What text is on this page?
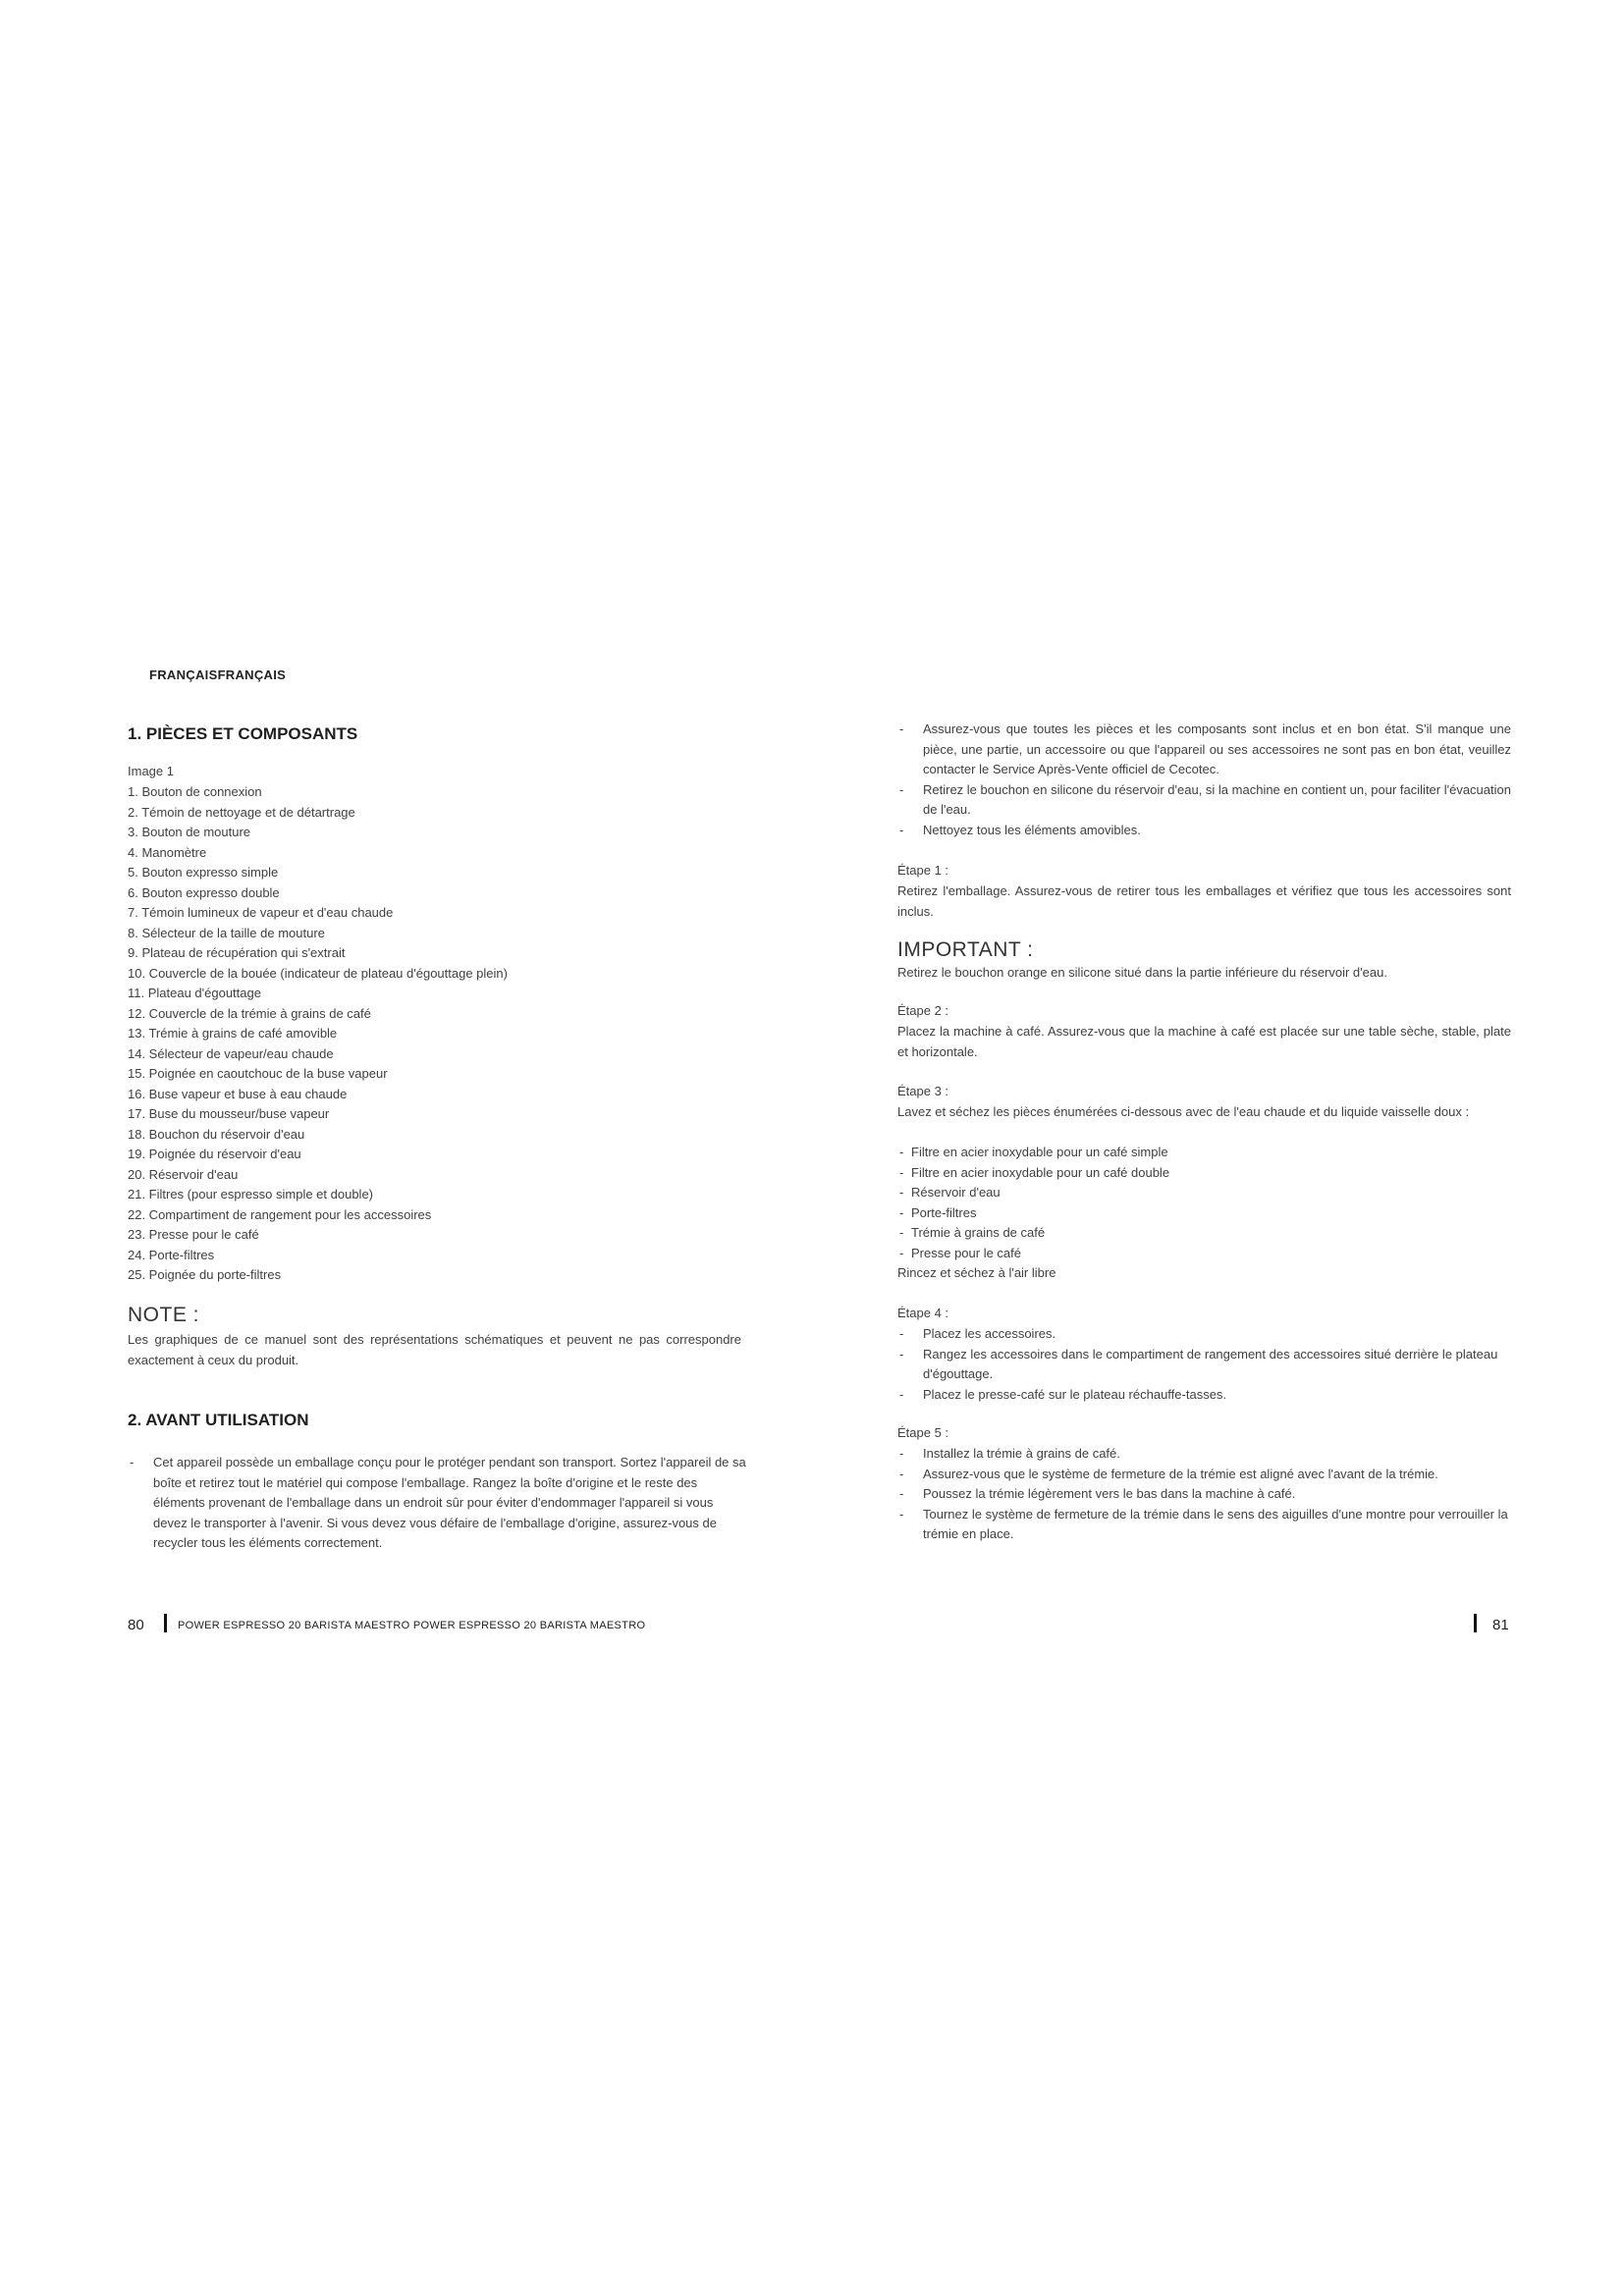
FRANÇAISFRANÇAIS
1. PIÈCES ET COMPOSANTS
Image 1
1. Bouton de connexion
2. Témoin de nettoyage et de détartrage
3. Bouton de mouture
4. Manomètre
5. Bouton expresso simple
6. Bouton expresso double
7. Témoin lumineux de vapeur et d'eau chaude
8. Sélecteur de la taille de mouture
9. Plateau de récupération qui s'extrait
10. Couvercle de la bouée (indicateur de plateau d'égouttage plein)
11. Plateau d'égouttage
12. Couvercle de la trémie à grains de café
13. Trémie à grains de café amovible
14. Sélecteur de vapeur/eau chaude
15. Poignée en caoutchouc de la buse vapeur
16. Buse vapeur et buse à eau chaude
17. Buse du mousseur/buse vapeur
18. Bouchon du réservoir d'eau
19. Poignée du réservoir d'eau
20. Réservoir d'eau
21. Filtres (pour espresso simple et double)
22. Compartiment de rangement pour les accessoires
23. Presse pour le café
24. Porte-filtres
25. Poignée du porte-filtres
NOTE :
Les graphiques de ce manuel sont des représentations schématiques et peuvent ne pas correspondre exactement à ceux du produit.
2. AVANT UTILISATION
- Cet appareil possède un emballage conçu pour le protéger pendant son transport. Sortez l'appareil de sa boîte et retirez tout le matériel qui compose l'emballage. Rangez la boîte d'origine et le reste des éléments provenant de l'emballage dans un endroit sûr pour éviter d'endommager l'appareil si vous devez le transporter à l'avenir. Si vous devez vous défaire de l'emballage d'origine, assurez-vous de recycler tous les éléments correctement.
- Assurez-vous que toutes les pièces et les composants sont inclus et en bon état. S'il manque une pièce, une partie, un accessoire ou que l'appareil ou ses accessoires ne sont pas en bon état, veuillez contacter le Service Après-Vente officiel de Cecotec.
- Retirez le bouchon en silicone du réservoir d'eau, si la machine en contient un, pour faciliter l'évacuation de l'eau.
- Nettoyez tous les éléments amovibles.
Étape 1 :
Retirez l'emballage. Assurez-vous de retirer tous les emballages et vérifiez que tous les accessoires sont inclus.
IMPORTANT :
Retirez le bouchon orange en silicone situé dans la partie inférieure du réservoir d'eau.
Étape 2 :
Placez la machine à café. Assurez-vous que la machine à café est placée sur une table sèche, stable, plate et horizontale.
Étape 3 :
Lavez et séchez les pièces énumérées ci-dessous avec de l'eau chaude et du liquide vaisselle doux :
- Filtre en acier inoxydable pour un café simple
- Filtre en acier inoxydable pour un café double
- Réservoir d'eau
- Porte-filtres
- Trémie à grains de café
- Presse pour le café
Rincez et séchez à l'air libre
Étape 4 :
- Placez les accessoires.
- Rangez les accessoires dans le compartiment de rangement des accessoires situé derrière le plateau d'égouttage.
- Placez le presse-café sur le plateau réchauffe-tasses.
Étape 5 :
- Installez la trémie à grains de café.
- Assurez-vous que le système de fermeture de la trémie est aligné avec l'avant de la trémie.
- Poussez la trémie légèrement vers le bas dans la machine à café.
- Tournez le système de fermeture de la trémie dans le sens des aiguilles d'une montre pour verrouiller la trémie en place.
80	POWER ESPRESSO 20 BARISTA MAESTRO POWER ESPRESSO 20 BARISTA MAESTRO	81
